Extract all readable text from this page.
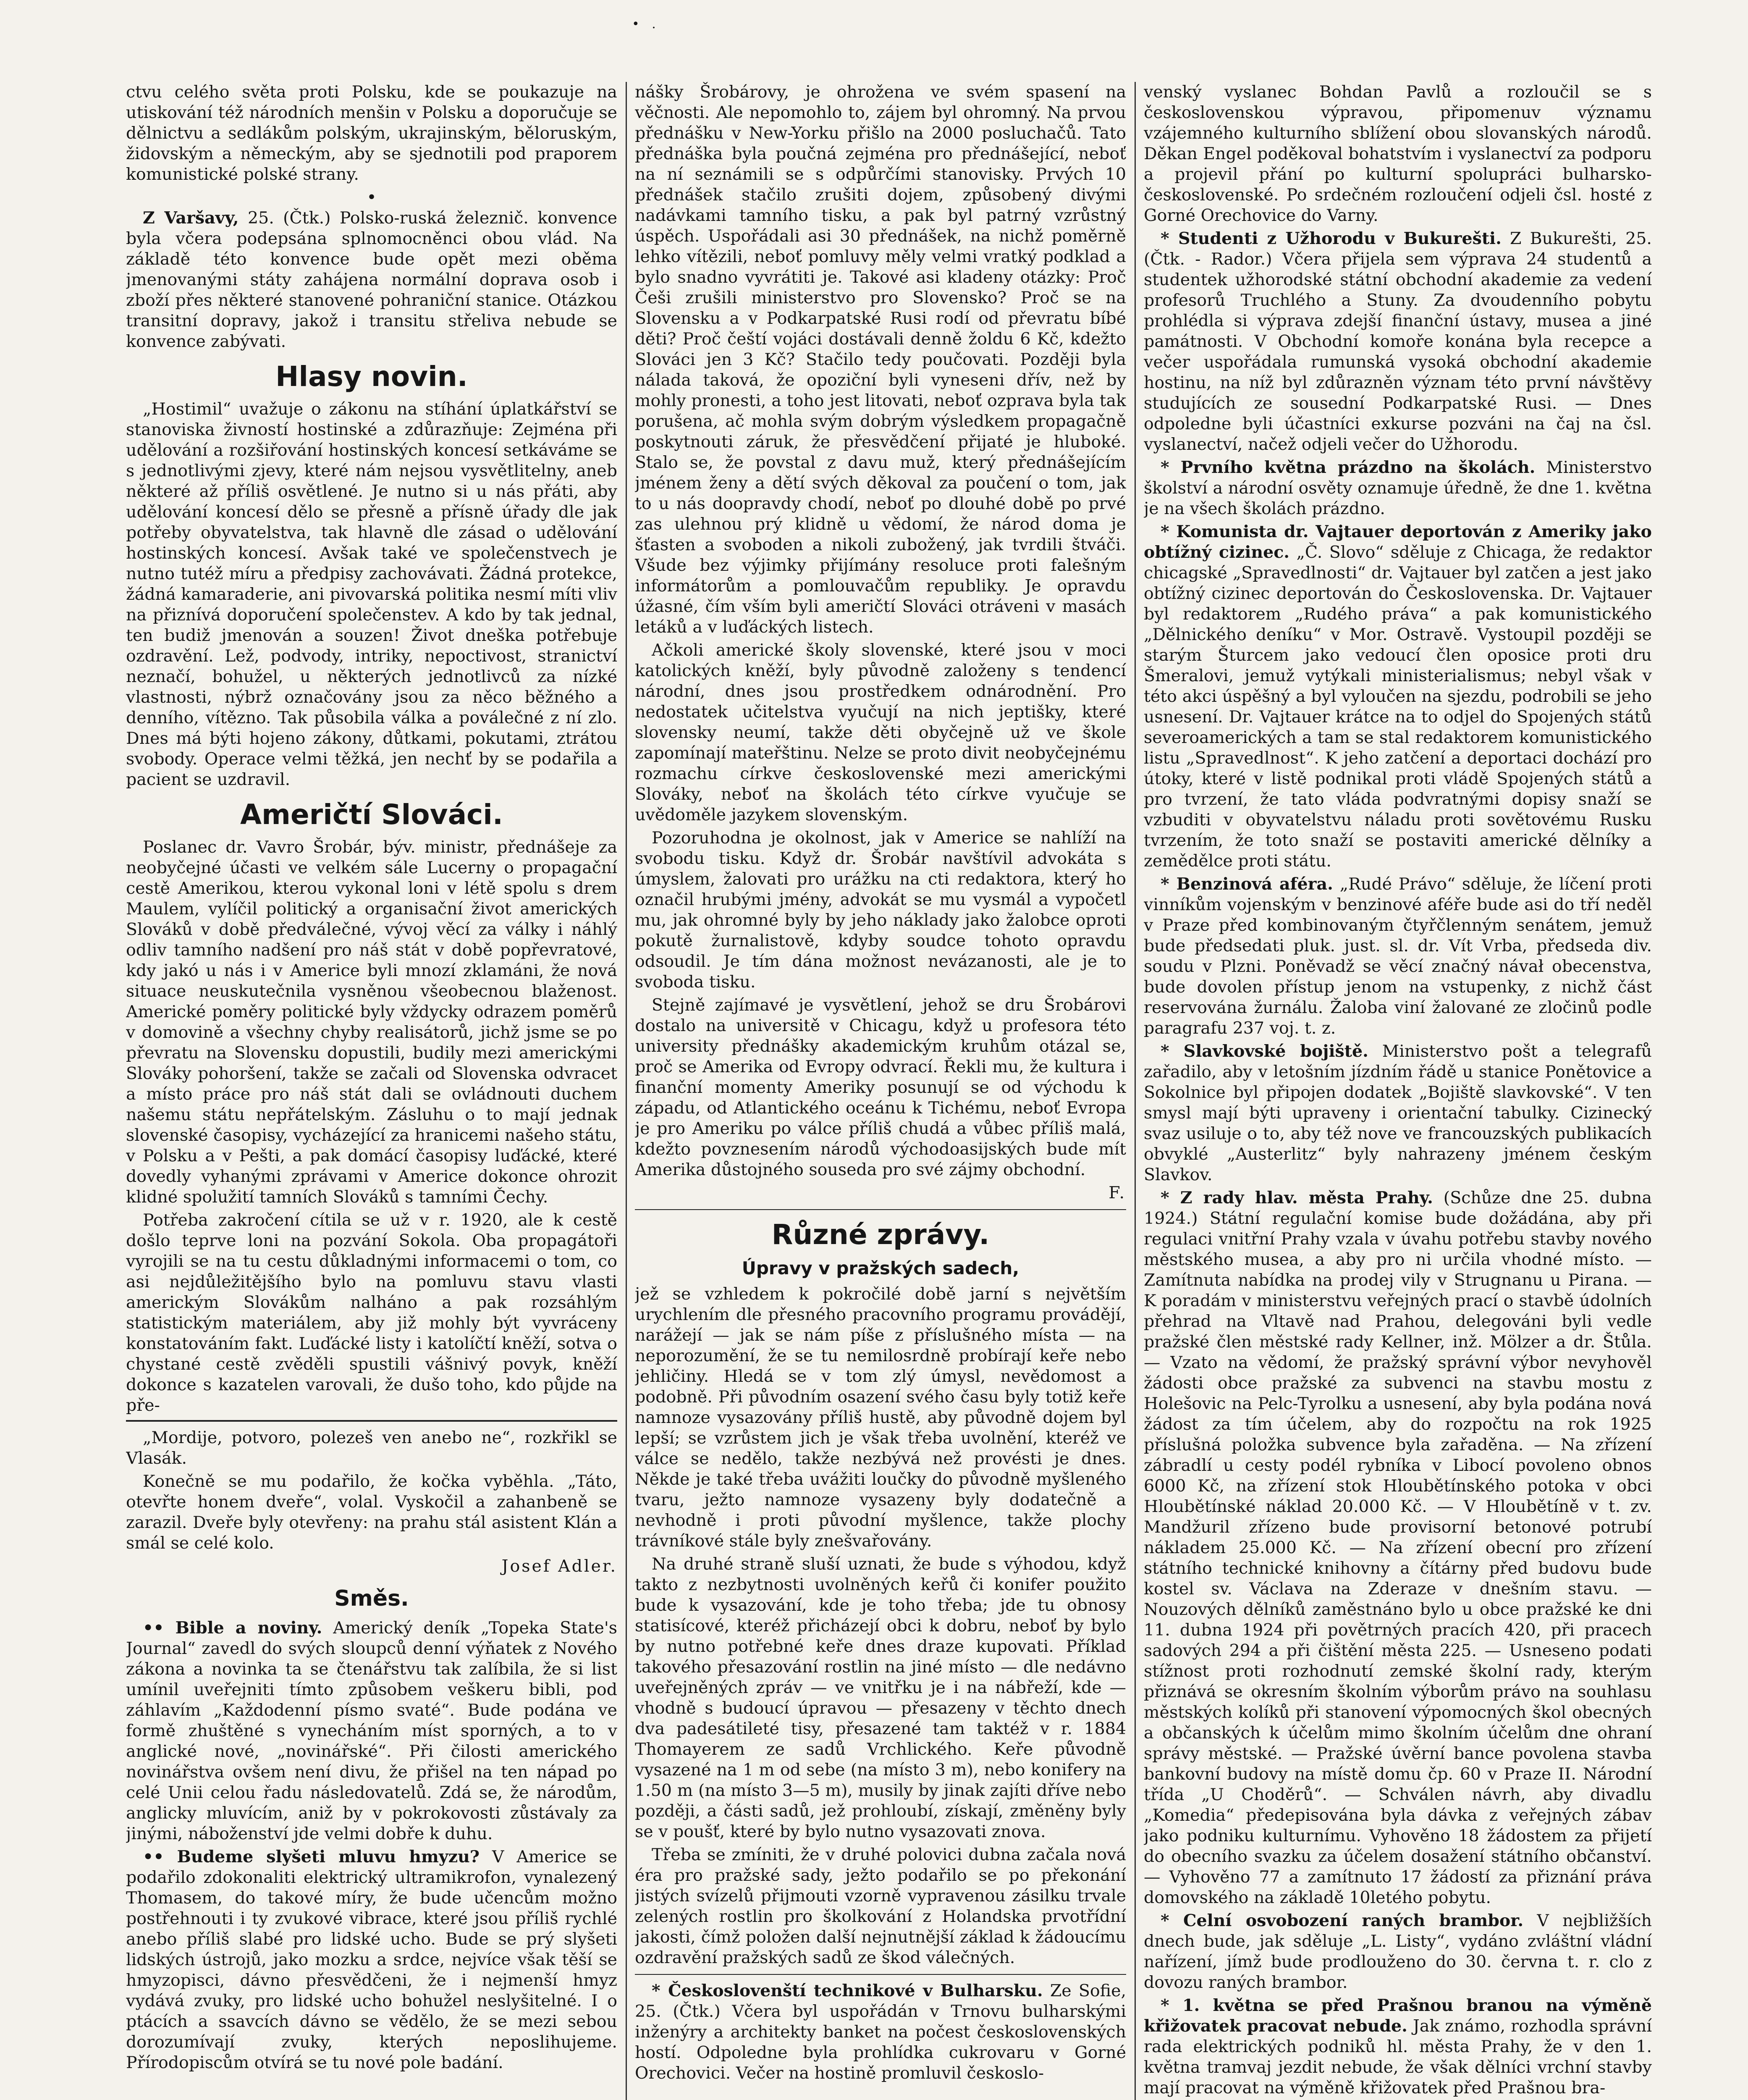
• .

ctvu celého světa proti Polsku, kde se poukazuje na utiskování též národních menšin v Polsku a doporučuje se dělnictvu a sedlákům polským, ukrajinským, běloruským, židovským a německým, aby se sjednotili pod praporem komunistické polské strany.

•

Z Varšavy, 25. (Čtk.) Polsko-ruská železnič. konvence byla včera podepsána splnomocněnci obou vlád. Na základě této konvence bude opět mezi oběma jmenovanými státy zahájena normální doprava osob i zboží přes některé stanovené pohraniční stanice. Otázkou transitní dopravy, jakož i transitu střeliva nebude se konvence zabývati.

Hlasy novin.

„Hostimil“ uvažuje o zákonu na stíhání úplatkářství se stanoviska živností hostinské a zdůrazňuje: Zejména při udělování a rozšiřování hostinských koncesí setkáváme se s jednotlivými zjevy, které nám nejsou vysvětlitelny, aneb některé až příliš osvětlené. Je nutno si u nás přáti, aby udělování koncesí dělo se přesně a přísně úřady dle jak potřeby obyvatelstva, tak hlavně dle zásad o udělování hostinských koncesí. Avšak také ve společenstvech je nutno tutéž míru a předpisy zachovávati. Žádná protekce, žádná kamaraderie, ani pivovarská politika nesmí míti vliv na přiznívá doporučení společenstev. A kdo by tak jednal, ten budiž jmenován a souzen! Život dneška potřebuje ozdravění. Lež, podvody, intriky, nepoctivost, stranictví neznačí, bohužel, u některých jednotlivců za nízké vlastnosti, nýbrž označovány jsou za něco běžného a denního, vítězno. Tak působila válka a poválečné z ní zlo. Dnes má býti hojeno zákony, důtkami, pokutami, ztrátou svobody. Operace velmi těžká, jen nechť by se podařila a pacient se uzdravil.

Američtí Slováci.

Poslanec dr. Vavro Šrobár, býv. ministr, přednášeje za neobyčejné účasti ve velkém sále Lucerny o propagační cestě Amerikou, kterou vykonal loni v létě spolu s drem Maulem, vylíčil politický a organisační život amerických Slováků v době předválečné, vývoj věcí za války i náhlý odliv tamního nadšení pro náš stát v době popřevratové, kdy jakó u nás i v Americe byli mnozí zklamáni, že nová situace neuskutečnila vysněnou všeobecnou blaženost. Americké poměry politické byly vždycky odrazem poměrů v domovině a všechny chyby realisátorů, jichž jsme se po převratu na Slovensku dopustili, budily mezi americkými Slováky pohoršení, takže se začali od Slovenska odvracet a místo práce pro náš stát dali se ovládnouti duchem našemu státu nepřátelským. Zásluhu o to mají jednak slovenské časopisy, vycházející za hranicemi našeho státu, v Polsku a v Pešti, a pak domácí časopisy luďácké, které dovedly vyhanými zprávami v Americe dokonce ohrozit klidné spolužití tamních Slováků s tamními Čechy.

Potřeba zakročení cítila se už v r. 1920, ale k cestě došlo teprve loni na pozvání Sokola. Oba propagátoři vyrojili se na tu cestu důkladnými informacemi o tom, co asi nejdůležitějšího bylo na pomluvu stavu vlasti americkým Slovákům nalháno a pak rozsáhlým statistickým materiálem, aby již mohly být vyvráceny konstatováním fakt. Luďácké listy i katolíčtí kněží, sotva o chystané cestě zvěděli spustili vášnivý povyk, kněží dokonce s kazatelen varovali, že dušo toho, kdo půjde na pře-

„Mordije, potvoro, polezeš ven anebo ne“, rozkřikl se Vlasák.

Konečně se mu podařilo, že kočka vyběhla. „Táto, otevřte honem dveře“, volal. Vyskočil a zahanbeně se zarazil. Dveře byly otevřeny: na prahu stál asistent Klán a smál se celé kolo.

Josef Adler.
Směs.

•• Bible a noviny. Americký deník „Topeka State's Journal“ zavedl do svých sloupců denní výňatek z Nového zákona a novinka ta se čtenářstvu tak zalíbila, že si list umínil uveřejniti tímto způsobem veškeru bibli, pod záhlavím „Každodenní písmo svaté“. Bude podána ve formě zhuštěné s vynecháním míst sporných, a to v anglické nové, „novinářské“. Při čilosti amerického novinářstva ovšem není divu, že přišel na ten nápad po celé Unii celou řadu následovatelů. Zdá se, že národům, anglicky mluvícím, aniž by v pokrokovosti zůstávaly za jinými, náboženství jde velmi dobře k duhu.

•• Budeme slyšeti mluvu hmyzu? V Americe se podařilo zdokonaliti elektrický ultramikrofon, vynalezený Thomasem, do takové míry, že bude učencům možno postřehnouti i ty zvukové vibrace, které jsou příliš rychlé anebo příliš slabé pro lidské ucho. Bude se prý slyšeti lidských ústrojů, jako mozku a srdce, nejvíce však těší se hmyzopisci, dávno přesvědčeni, že i nejmenší hmyz vydává zvuky, pro lidské ucho bohužel neslyšitelné. I o ptácích a ssavcích dávno se vědělo, že se mezi sebou dorozumívají zvuky, kterých neposlihujeme. Přírodopiscům otvírá se tu nové pole badání.

nášky Šrobárovy, je ohrožena ve svém spasení na věčnosti. Ale nepomohlo to, zájem byl ohromný. Na prvou přednášku v New-Yorku přišlo na 2000 posluchačů. Tato přednáška byla poučná zejména pro přednášející, neboť na ní seznámili se s odpůrčími stanovisky. Prvých 10 přednášek stačilo zrušiti dojem, způsobený divými nadávkami tamního tisku, a pak byl patrný vzrůstný úspěch. Uspořádali asi 30 přednášek, na nichž poměrně lehko vítězili, neboť pomluvy měly velmi vratký podklad a bylo snadno vyvrátiti je. Takové asi kladeny otázky: Proč Češi zrušili ministerstvo pro Slovensko? Proč se na Slovensku a v Podkarpatské Rusi rodí od převratu bíbé děti? Proč čeští vojáci dostávali denně žoldu 6 Kč, kdežto Slováci jen 3 Kč? Stačilo tedy poučovati. Později byla nálada taková, že opoziční byli vyneseni dřív, než by mohly pronesti, a toho jest litovati, neboť ozprava byla tak porušena, ač mohla svým dobrým výsledkem propagačně poskytnouti záruk, že přesvědčení přijaté je hluboké. Stalo se, že povstal z davu muž, který přednášejícím jménem ženy a dětí svých děkoval za poučení o tom, jak to u nás doopravdy chodí, neboť po dlouhé době po prvé zas ulehnou prý klidně u vědomí, že národ doma je šťasten a svoboden a nikoli zubožený, jak tvrdili štváči. Všude bez výjimky přijímány resoluce proti falešným informátorům a pomlouvačům republiky. Je opravdu úžasné, čím vším byli američtí Slováci otráveni v masách letáků a v luďáckých listech.

Ačkoli americké školy slovenské, které jsou v moci katolických kněží, byly původně založeny s tendencí národní, dnes jsou prostředkem odnárodnění. Pro nedostatek učitelstva vyučují na nich jeptišky, které slovensky neumí, takže děti obyčejně už ve škole zapomínají mateřštinu. Nelze se proto divit neobyčejnému rozmachu církve československé mezi americkými Slováky, neboť na školách této církve vyučuje se uvědoměle jazykem slovenským.

Pozoruhodna je okolnost, jak v Americe se nahlíží na svobodu tisku. Když dr. Šrobár navštívil advokáta s úmyslem, žalovati pro urážku na cti redaktora, který ho označil hrubými jmény, advokát se mu vysmál a vypočetl mu, jak ohromné byly by jeho náklady jako žalobce oproti pokutě žurnalistově, kdyby soudce tohoto opravdu odsoudil. Je tím dána možnost nevázanosti, ale je to svoboda tisku.

Stejně zajímavé je vysvětlení, jehož se dru Šrobárovi dostalo na universitě v Chicagu, když u profesora této university přednášky akademickým kruhům otázal se, proč se Amerika od Evropy odvrací. Řekli mu, že kultura i finanční momenty Ameriky posunují se od východu k západu, od Atlantického oceánu k Tichému, neboť Evropa je pro Ameriku po válce příliš chudá a vůbec příliš malá, kdežto povznesením národů východoasijských bude mít Amerika důstojného souseda pro své zájmy obchodní.

F.
Různé zprávy.
Úpravy v pražských sadech,

jež se vzhledem k pokročilé době jarní s největším urychlením dle přesného pracovního programu provádějí, narážejí — jak se nám píše z příslušného místa — na neporozumění, že se tu nemilosrdně probírají keře nebo jehličiny. Hledá se v tom zlý úmysl, nevědomost a podobně. Při původním osazení svého času byly totiž keře namnoze vysazovány příliš hustě, aby původně dojem byl lepší; se vzrůstem jich je však třeba uvolnění, kteréž ve válce se nedělo, takže nezbývá než provésti je dnes. Někde je také třeba uvážiti loučky do původně myšleného tvaru, ježto namnoze vysazeny byly dodatečně a nevhodně i proti původní myšlence, takže plochy trávníkové stále byly znešvařovány.

Na druhé straně sluší uznati, že bude s výhodou, když takto z nezbytnosti uvolněných keřů či konifer použito bude k vysazování, kde je toho třeba; jde tu obnosy statisícové, kteréž přicházejí obci k dobru, neboť by bylo by nutno potřebné keře dnes draze kupovati. Příklad takového přesazování rostlin na jiné místo — dle nedávno uveřejněných zpráv — ve vnitřku je i na nábřeží, kde — vhodně s budoucí úpravou — přesazeny v těchto dnech dva padesátileté tisy, přesazené tam taktéž v r. 1884 Thomayerem ze sadů Vrchlického. Keře původně vysazené na 1 m od sebe (na místo 3 m), nebo konifery na 1.50 m (na místo 3—5 m), musily by jinak zajíti dříve nebo později, a části sadů, jež prohloubí, získají, změněny byly se v poušť, které by bylo nutno vysazovati znova.

Třeba se zmíniti, že v druhé polovici dubna začala nová éra pro pražské sady, ježto podařilo se po překonání jistých svízelů přijmouti vzorně vypravenou zásilku trvale zelených rostlin pro školkování z Holandska prvotřídní jakosti, čímž položen další nejnutnější základ k žádoucímu ozdravění pražských sadů ze škod válečných.

* Českoslovenští technikové v Bulharsku. Ze Sofie, 25. (Čtk.) Včera byl uspořádán v Trnovu bulharskými inženýry a architekty banket na počest československých hostí. Odpoledne byla prohlídka cukrovaru v Gorné Orechovici. Večer na hostině promluvil českoslo-

venský vyslanec Bohdan Pavlů a rozloučil se s československou výpravou, připomenuv významu vzájemného kulturního sblížení obou slovanských národů. Děkan Engel poděkoval bohatstvím i vyslanectví za podporu a projevil přání po kulturní spolupráci bulharsko-československé. Po srdečném rozloučení odjeli čsl. hosté z Gorné Orechovice do Varny.

* Studenti z Užhorodu v Bukurešti. Z Bukurešti, 25. (Čtk. - Rador.) Včera přijela sem výprava 24 studentů a studentek užhorodské státní obchodní akademie za vedení profesorů Truchlého a Stuny. Za dvoudenního pobytu prohlédla si výprava zdejší finanční ústavy, musea a jiné památnosti. V Obchodní komoře konána byla recepce a večer uspořádala rumunská vysoká obchodní akademie hostinu, na níž byl zdůrazněn význam této první návštěvy studujících ze sousední Podkarpatské Rusi. — Dnes odpoledne byli účastníci exkurse pozváni na čaj na čsl. vyslanectví, načež odjeli večer do Užhorodu.

* Prvního května prázdno na školách. Ministerstvo školství a národní osvěty oznamuje úředně, že dne 1. května je na všech školách prázdno.

* Komunista dr. Vajtauer deportován z Ameriky jako obtížný cizinec. „Č. Slovo“ sděluje z Chicaga, že redaktor chicagské „Spravedlnosti“ dr. Vajtauer byl zatčen a jest jako obtížný cizinec deportován do Československa. Dr. Vajtauer byl redaktorem „Rudého práva“ a pak komunistického „Dělnického deníku“ v Mor. Ostravě. Vystoupil později se starým Šturcem jako vedoucí člen oposice proti dru Šmeralovi, jemuž vytýkali ministerialismus; nebyl však v této akci úspěšný a byl vyloučen na sjezdu, podrobili se jeho usnesení. Dr. Vajtauer krátce na to odjel do Spojených států severoamerických a tam se stal redaktorem komunistického listu „Spravedlnost“. K jeho zatčení a deportaci dochází pro útoky, které v listě podnikal proti vládě Spojených států a pro tvrzení, že tato vláda podvratnými dopisy snaží se vzbuditi v obyvatelstvu náladu proti sovětovému Rusku tvrzením, že toto snaží se postaviti americké dělníky a zemědělce proti státu.

* Benzinová aféra. „Rudé Právo“ sděluje, že líčení proti vinníkům vojenským v benzinové aféře bude asi do tří neděl v Praze před kombinovaným čtyřčlenným senátem, jemuž bude předsedati pluk. just. sl. dr. Vít Vrba, předseda div. soudu v Plzni. Poněvadž se věcí značný návał obecenstva, bude dovolen přístup jenom na vstupenky, z nichž část reservována žurnálu. Žaloba viní žalované ze zločinů podle paragrafu 237 voj. t. z.

* Slavkovské bojiště. Ministerstvo pošt a telegrafů zařadilo, aby v letošním jízdním řádě u stanice Ponětovice a Sokolnice byl připojen dodatek „Bojiště slavkovské“. V ten smysl mají býti upraveny i orientační tabulky. Cizinecký svaz usiluje o to, aby též nove ve francouzských publikacích obvyklé „Austerlitz“ byly nahrazeny jménem českým Slavkov.

* Z rady hlav. města Prahy. (Schůze dne 25. dubna 1924.) Státní regulační komise bude dožádána, aby při regulaci vnitřní Prahy vzala v úvahu potřebu stavby nového městského musea, a aby pro ni určila vhodné místo. — Zamítnuta nabídka na prodej vily v Strugnanu u Pirana. — K poradám v ministerstvu veřejných prací o stavbě údolních přehrad na Vltavě nad Prahou, delegováni byli vedle pražské člen městské rady Kellner, inž. Mölzer a dr. Štůla. — Vzato na vědomí, že pražský správní výbor nevyhověl žádosti obce pražské za subvenci na stavbu mostu z Holešovic na Pelc-Tyrolku a usnesení, aby byla podána nová žádost za tím účelem, aby do rozpočtu na rok 1925 příslušná položka subvence byla zařaděna. — Na zřízení zábradlí u cesty podél rybníka v Libocí povoleno obnos 6000 Kč, na zřízení stok Hloubětínského potoka v obci Hloubětínské náklad 20.000 Kč. — V Hloubětíně v t. zv. Mandžuril zřízeno bude provisorní betonové potrubí nákladem 25.000 Kč. — Na zřízení obecní pro zřízení státního technické knihovny a čítárny před budovu bude kostel sv. Václava na Zderaze v dnešním stavu. — Nouzových dělníků zaměstnáno bylo u obce pražské ke dni 11. dubna 1924 při povětrných pracích 420, při pracech sadových 294 a při čištění města 225. — Usneseno podati stížnost proti rozhodnutí zemské školní rady, kterým přiznává se okresním školním výborům právo na souhlasu městských kolíků při stanovení výpomocných škol obecných a občanských k účelům mimo školním účelům dne ohraní správy městské. — Pražské úvěrní bance povolena stavba bankovní budovy na místě domu čp. 60 v Praze II. Národní třída „U Choděrů“. — Schválen návrh, aby divadlu „Komedia“ předepisována byla dávka z veřejných zábav jako podniku kulturnímu. Vyhověno 18 žádostem za přijetí do obecního svazku za účelem dosažení státního občanství. — Vyhověno 77 a zamítnuto 17 žádostí za přiznání práva domovského na základě 10letého pobytu.

* Celní osvobození raných brambor. V nejbližších dnech bude, jak sděluje „L. Listy“, vydáno zvláštní vládní nařízení, jímž bude prodlouženo do 30. června t. r. clo z dovozu raných brambor.

* 1. května se před Prašnou branou na výměně křižovatek pracovat nebude. Jak známo, rozhodla správní rada elektrických podniků hl. města Prahy, že v den 1. května tramvaj jezdit nebude, že však dělníci vrchní stavby mají pracovat na výměně křižovatek před Prašnou bra-
